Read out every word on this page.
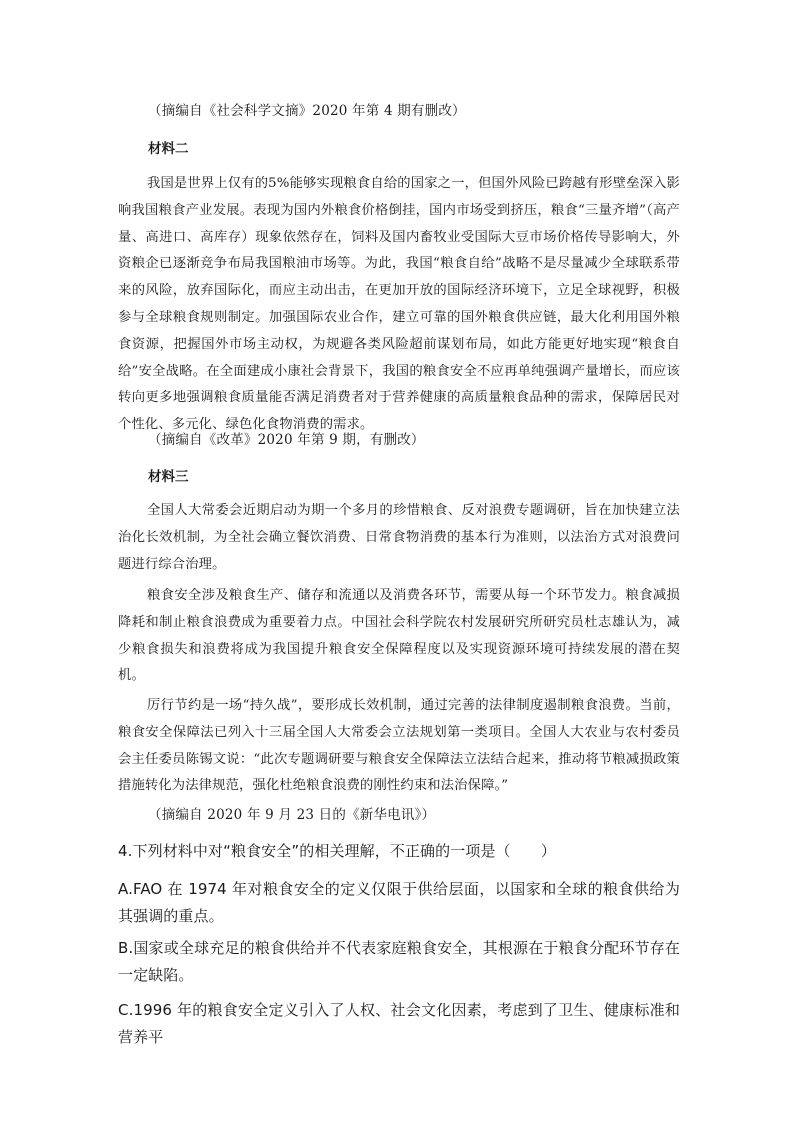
（摘编自《社会科学文摘》2020 年第 4 期有删改）

材料二

我国是世界上仅有的5%能够实现粮食自给的国家之一，但国外风险已跨越有形壁垒深入影响我国粮食产业发展。表现为国内外粮食价格倒挂，国内市场受到挤压，粮食“三量齐增”（高产量、高进口、高库存）现象依然存在，饲料及国内畜牧业受国际大豆市场价格传导影响大，外资粮企已逐渐竞争布局我国粮油市场等。为此，我国“粮食自给”战略不是尽量减少全球联系带来的风险，放弃国际化，而应主动出击，在更加开放的国际经济环境下，立足全球视野，积极参与全球粮食规则制定。加强国际农业合作，建立可靠的国外粮食供应链，最大化利用国外粮食资源，把握国外市场主动权，为规避各类风险超前谋划布局，如此方能更好地实现“粮食自给”安全战略。在全面建成小康社会背景下，我国的粮食安全不应再单纯强调产量增长，而应该转向更多地强调粮食质量能否满足消费者对于营养健康的高质量粮食品种的需求，保障居民对个性化、多元化、绿色化食物消费的需求。

（摘编自《改革》2020 年第 9 期，有删改）

材料三

全国人大常委会近期启动为期一个多月的珍惜粮食、反对浪费专题调研，旨在加快建立法治化长效机制，为全社会确立餐饮消费、日常食物消费的基本行为准则，以法治方式对浪费问题进行综合治理。

粮食安全涉及粮食生产、储存和流通以及消费各环节，需要从每一个环节发力。粮食减损降耗和制止粮食浪费成为重要着力点。中国社会科学院农村发展研究所研究员杜志雄认为，减少粮食损失和浪费将成为我国提升粮食安全保障程度以及实现资源环境可持续发展的潜在契机。

厉行节约是一场“持久战”，要形成长效机制，通过完善的法律制度遏制粮食浪费。当前，粮食安全保障法已列入十三届全国人大常委会立法规划第一类项目。全国人大农业与农村委员会主任委员陈锡文说：“此次专题调研要与粮食安全保障法立法结合起来，推动将节粮减损政策措施转化为法律规范，强化杜绝粮食浪费的刚性约束和法治保障。”

（摘编自 2020 年 9 月 23 日的《新华电讯》）

4.下列材料中对“粮食安全”的相关理解，不正确的一项是（　　）

A.FAO 在 1974 年对粮食安全的定义仅限于供给层面，以国家和全球的粮食供给为其强调的重点。

B.国家或全球充足的粮食供给并不代表家庭粮食安全，其根源在于粮食分配环节存在一定缺陷。

C.1996 年的粮食安全定义引入了人权、社会文化因素，考虑到了卫生、健康标准和营养平
